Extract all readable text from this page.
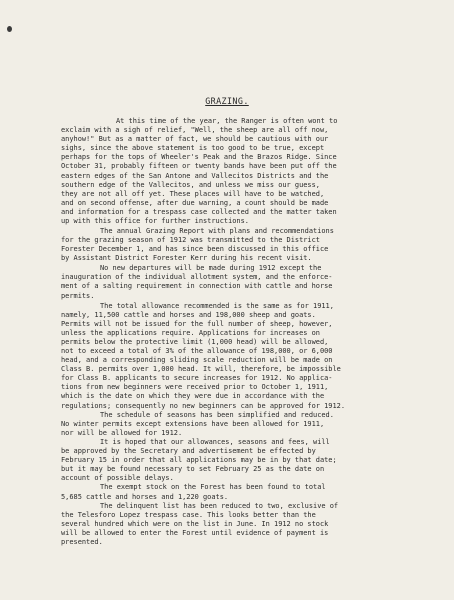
GRAZING.
At this time of the year, the Ranger is often wont to
exclaim with a sigh of relief, "Well, the sheep are all off now,
anyhow!" But as a matter of fact, we should be cautious with our
sighs, since the above statement is too good to be true, except
perhaps for the tops of Wheeler's Peak and the Brazos Ridge. Since
October 31, probably fifteen or twenty bands have been put off the
eastern edges of the San Antone and Vallecitos Districts and the
southern edge of the Vallecitos, and unless we miss our guess,
they are not all off yet. These places will have to be watched,
and on second offense, after due warning, a count should be made
and information for a trespass case collected and the matter taken
up with this office for further instructions.
The annual Grazing Report with plans and recommendations
for the grazing season of 1912 was transmitted to the District
Forester December 1, and has since been discussed in this office
by Assistant District Forester Kerr during his recent visit.
No new departures will be made during 1912 except the
inauguration of the individual allotment system, and the enforce-
ment of a salting requirement in connection with cattle and horse
permits.
The total allowance recommended is the same as for 1911,
namely, 11,500 cattle and horses and 198,000 sheep and goats.
Permits will not be issued for the full number of sheep, however,
unless the applications require. Applications for increases on
permits below the protective limit (1,000 head) will be allowed,
not to exceed a total of 3% of the allowance of 198,000, or 6,000
head, and a corresponding sliding scale reduction will be made on
Class B. permits over 1,000 head. It will, therefore, be impossible
for Class B. applicants to secure increases for 1912. No applica-
tions from new beginners were received prior to October 1, 1911,
which is the date on which they were due in accordance with the
regulations; consequently no new beginners can be approved for 1912.
The schedule of seasons has been simplified and reduced.
No winter permits except extensions have been allowed for 1911,
nor will be allowed for 1912.
It is hoped that our allowances, seasons and fees, will
be approved by the Secretary and advertisement be effected by
February 15 in order that all applications may be in by that date;
but it may be found necessary to set February 25 as the date on
account of possible delays.
The exempt stock on the Forest has been found to total
5,685 cattle and horses and 1,220 goats.
The delinquent list has been reduced to two, exclusive of
the Telesforo Lopez trespass case. This looks better than the
several hundred which were on the list in June. In 1912 no stock
will be allowed to enter the Forest until evidence of payment is
presented.
